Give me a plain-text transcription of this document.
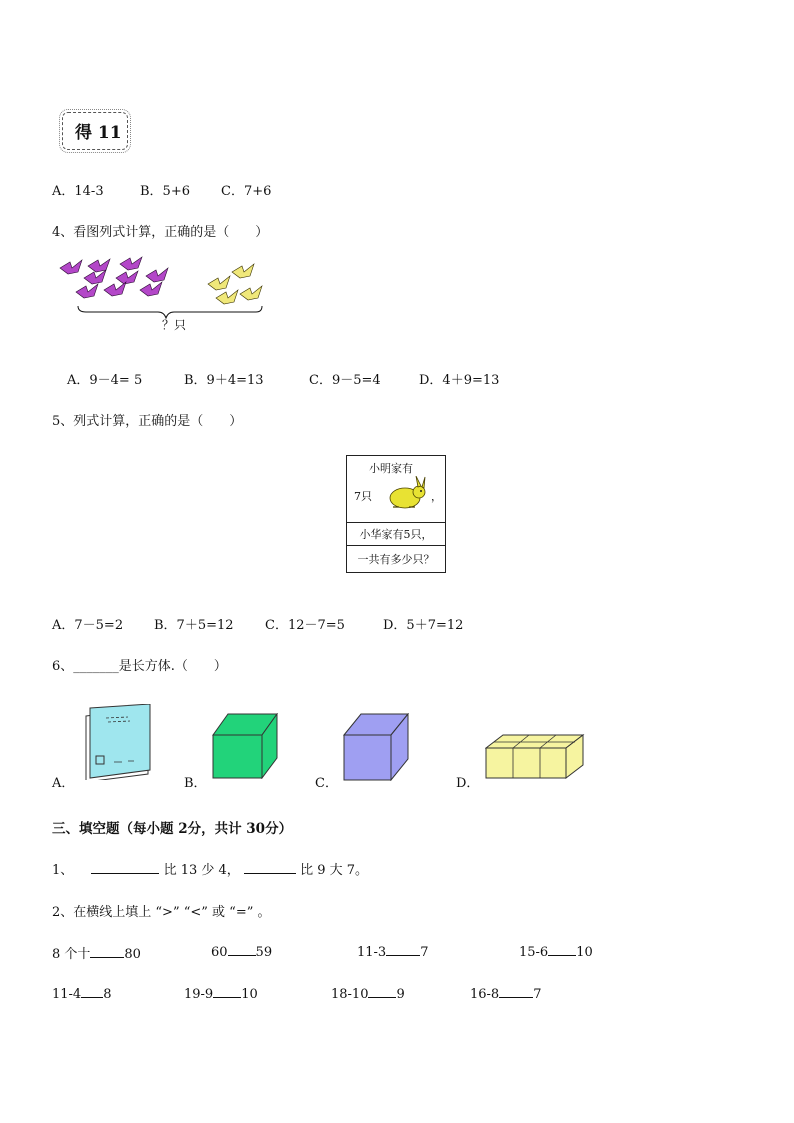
得 11
A．14-3	B．5+6 C．7+6
4、看图列式计算，正确的是（　　）
？只
A．9－4= 5	B．9＋4=13	C．9－5=4	D．4＋9=13
5、列式计算，正确的是（　　）
小明家有
7只	，

小华家有5只，
一共有多少只？
A．7－5=2 B．7＋5=12 C．12－7=5	D．5＋7=12
6、_______是长方体.（　　）
A．	B．	C．	D．
三、填空题（每小题 2分，共计 30分）
1、	比 13 少 4，	比 9 大 7。
2、在横线上填上 “>” “<” 或 “=” 。
8 个十	80	60 59	11-3	7	15-6 10
11-4 8	19-9 10	18-10 9	16-8	7
